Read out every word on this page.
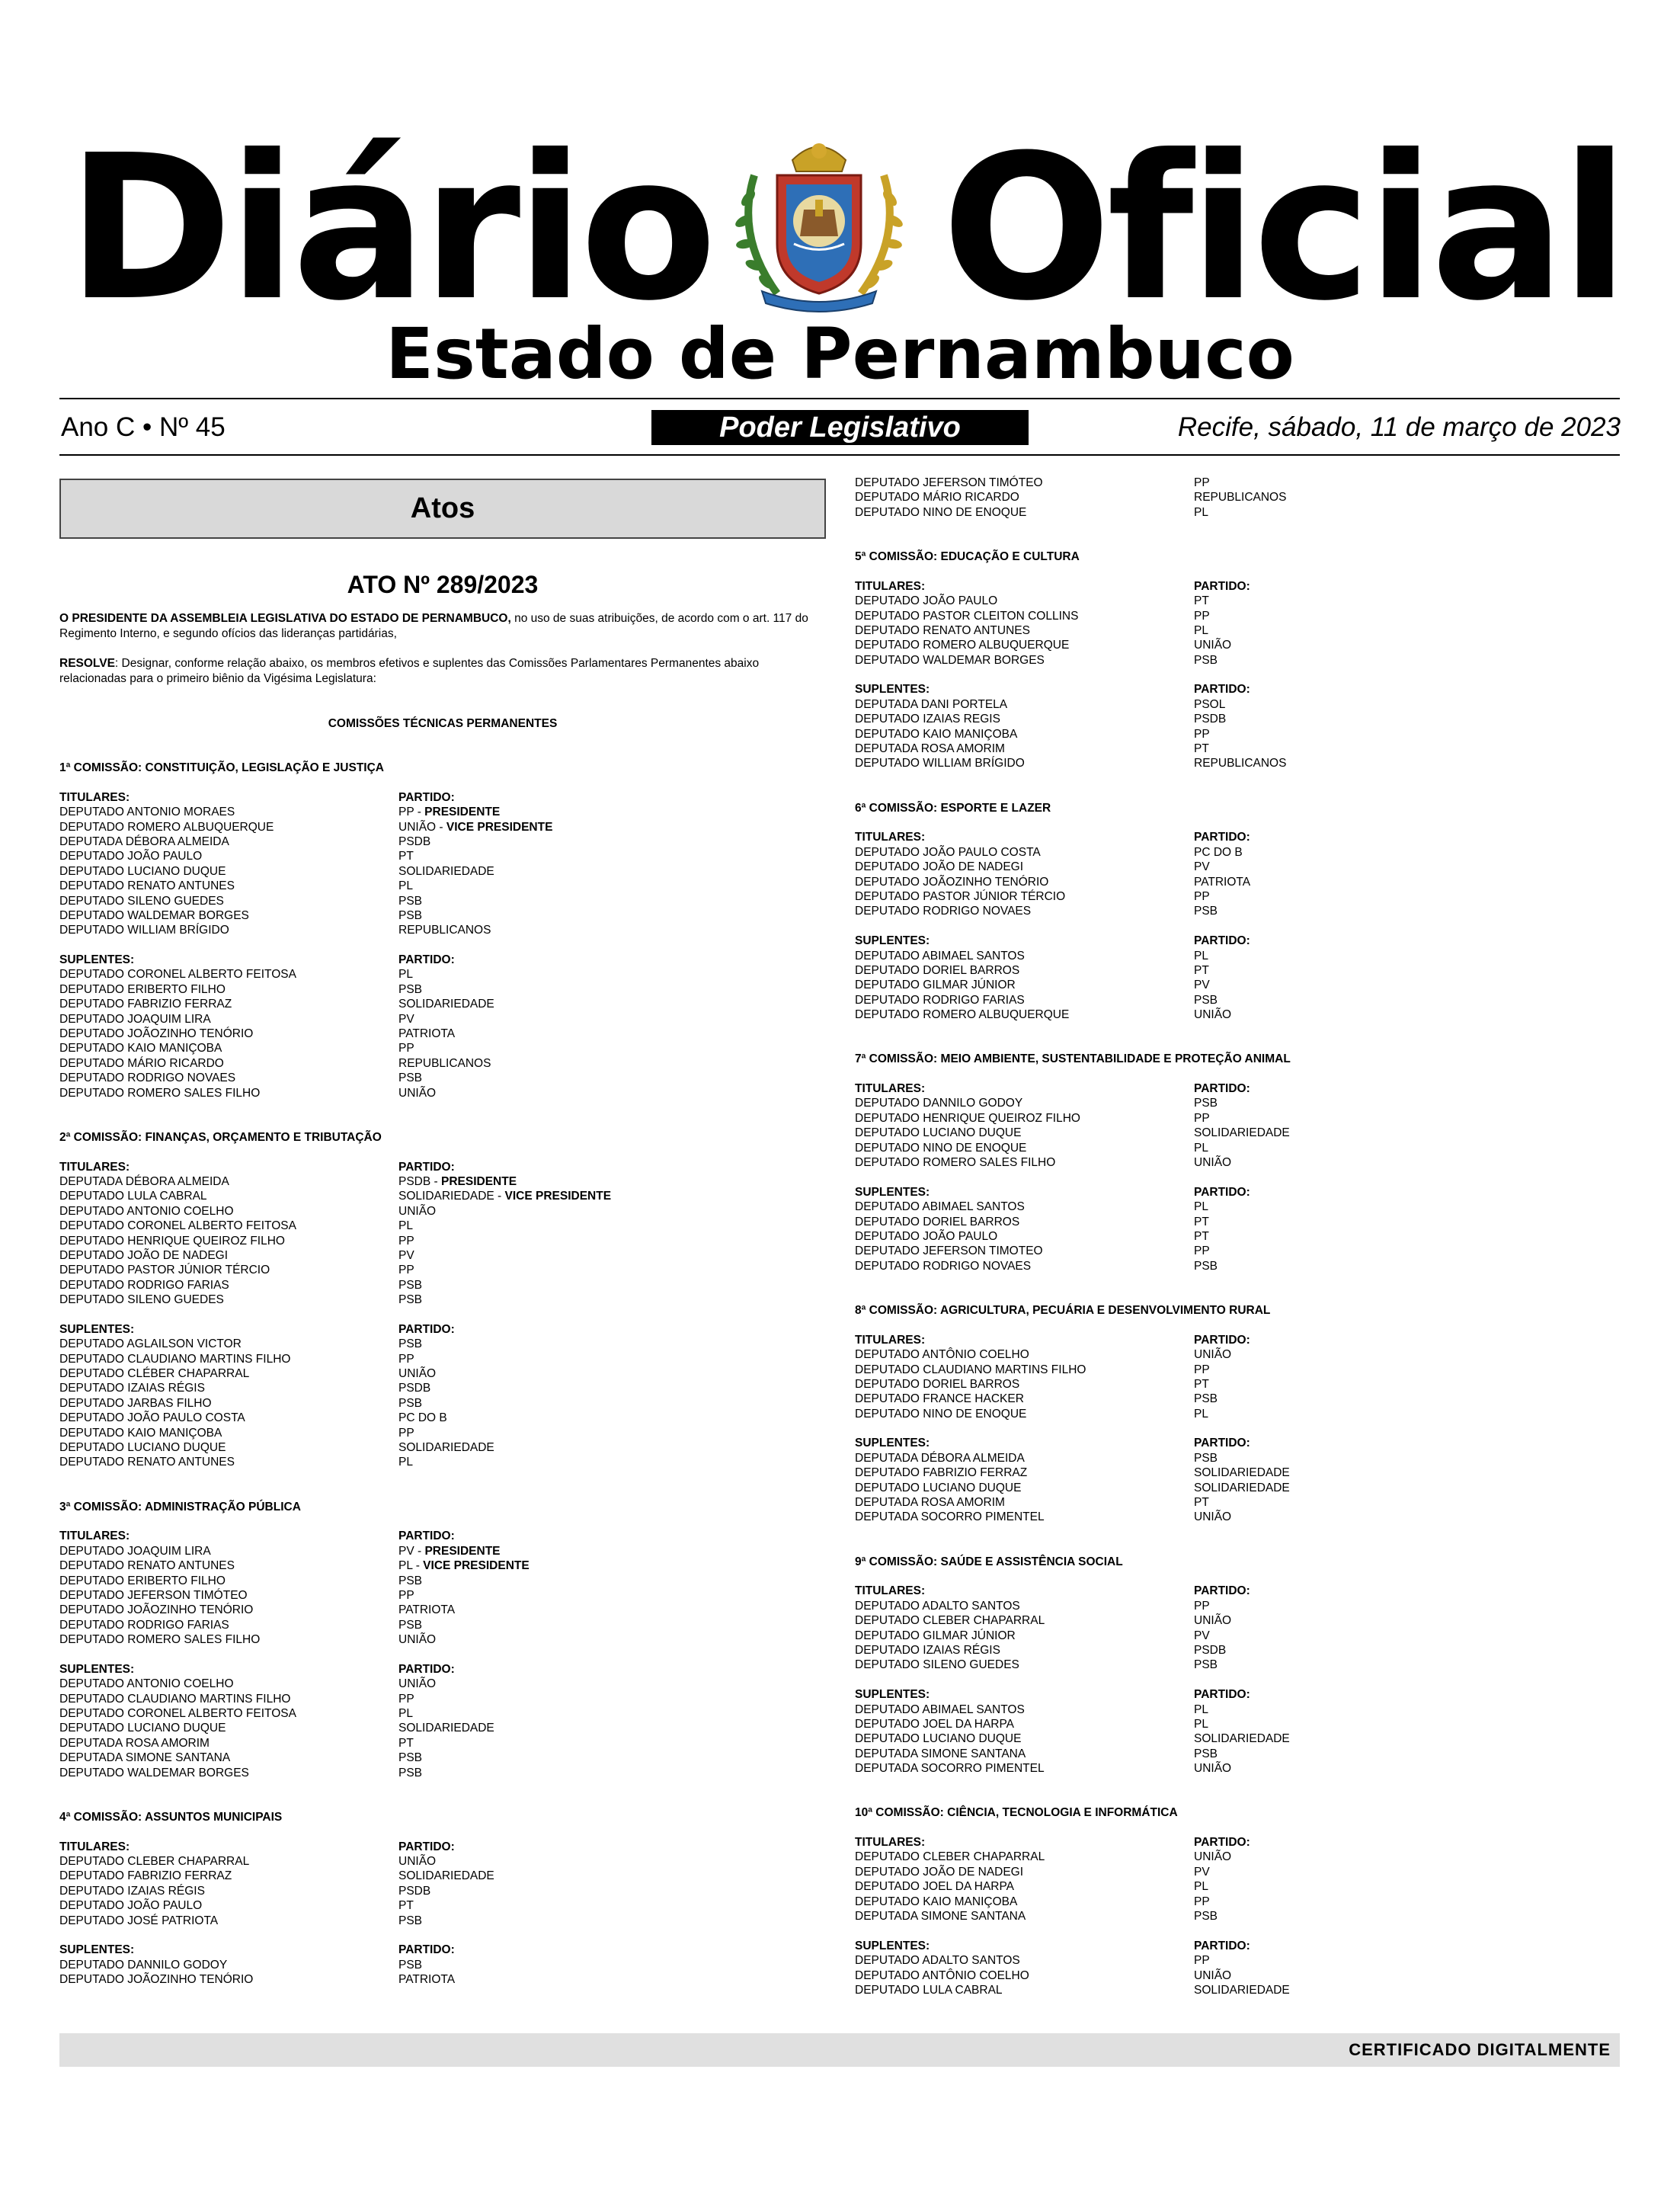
Diário Oficial
Estado de Pernambuco
Ano C • Nº 45	Poder Legislativo	Recife, sábado, 11 de março de 2023
Atos
ATO Nº 289/2023
O PRESIDENTE DA ASSEMBLEIA LEGISLATIVA DO ESTADO DE PERNAMBUCO, no uso de suas atribuições, de acordo com o art. 117 do Regimento Interno, e segundo ofícios das lideranças partidárias,
RESOLVE: Designar, conforme relação abaixo, os membros efetivos e suplentes das Comissões Parlamentares Permanentes abaixo relacionadas para o primeiro biênio da Vigésima Legislatura:
COMISSÕES TÉCNICAS PERMANENTES
1ª COMISSÃO: CONSTITUIÇÃO, LEGISLAÇÃO E JUSTIÇA
TITULARES:	PARTIDO:
DEPUTADO ANTONIO MORAES	PP - PRESIDENTE
DEPUTADO ROMERO ALBUQUERQUE	UNIÃO - VICE PRESIDENTE
DEPUTADA DÉBORA ALMEIDA	PSDB
DEPUTADO JOÃO PAULO	PT
DEPUTADO LUCIANO DUQUE	SOLIDARIEDADE
DEPUTADO RENATO ANTUNES	PL
DEPUTADO SILENO GUEDES	PSB
DEPUTADO WALDEMAR BORGES	PSB
DEPUTADO WILLIAM BRÍGIDO	REPUBLICANOS
SUPLENTES:	PARTIDO:
DEPUTADO CORONEL ALBERTO FEITOSA	PL
DEPUTADO ERIBERTO FILHO	PSB
DEPUTADO FABRIZIO FERRAZ	SOLIDARIEDADE
DEPUTADO JOAQUIM LIRA	PV
DEPUTADO JOÃOZINHO TENÓRIO	PATRIOTA
DEPUTADO KAIO MANIÇOBA	PP
DEPUTADO MÁRIO RICARDO	REPUBLICANOS
DEPUTADO RODRIGO NOVAES	PSB
DEPUTADO ROMERO SALES FILHO	UNIÃO
2ª COMISSÃO: FINANÇAS, ORÇAMENTO E TRIBUTAÇÃO
TITULARES:	PARTIDO:
DEPUTADA DÉBORA ALMEIDA	PSDB - PRESIDENTE
DEPUTADO LULA CABRAL	SOLIDARIEDADE - VICE PRESIDENTE
DEPUTADO ANTONIO COELHO	UNIÃO
DEPUTADO CORONEL ALBERTO FEITOSA	PL
DEPUTADO HENRIQUE QUEIROZ FILHO	PP
DEPUTADO JOÃO DE NADEGI	PV
DEPUTADO PASTOR JÚNIOR TÉRCIO	PP
DEPUTADO RODRIGO FARIAS	PSB
DEPUTADO SILENO GUEDES	PSB
SUPLENTES:	PARTIDO:
DEPUTADO AGLAILSON VICTOR	PSB
DEPUTADO CLAUDIANO MARTINS FILHO	PP
DEPUTADO CLÉBER CHAPARRAL	UNIÃO
DEPUTADO IZAIAS RÉGIS	PSDB
DEPUTADO JARBAS FILHO	PSB
DEPUTADO JOÃO PAULO COSTA	PC DO B
DEPUTADO KAIO MANIÇOBA	PP
DEPUTADO LUCIANO DUQUE	SOLIDARIEDADE
DEPUTADO RENATO ANTUNES	PL
3ª COMISSÃO: ADMINISTRAÇÃO PÚBLICA
TITULARES:	PARTIDO:
DEPUTADO JOAQUIM LIRA	PV - PRESIDENTE
DEPUTADO RENATO ANTUNES	PL - VICE PRESIDENTE
DEPUTADO ERIBERTO FILHO	PSB
DEPUTADO JEFERSON TIMÓTEO	PP
DEPUTADO JOÃOZINHO TENÓRIO	PATRIOTA
DEPUTADO RODRIGO FARIAS	PSB
DEPUTADO ROMERO SALES FILHO	UNIÃO
SUPLENTES:	PARTIDO:
DEPUTADO ANTONIO COELHO	UNIÃO
DEPUTADO CLAUDIANO MARTINS FILHO	PP
DEPUTADO CORONEL ALBERTO FEITOSA	PL
DEPUTADO LUCIANO DUQUE	SOLIDARIEDADE
DEPUTADA ROSA AMORIM	PT
DEPUTADA SIMONE SANTANA	PSB
DEPUTADO WALDEMAR BORGES	PSB
4ª COMISSÃO: ASSUNTOS MUNICIPAIS
TITULARES:	PARTIDO:
DEPUTADO CLEBER CHAPARRAL	UNIÃO
DEPUTADO FABRIZIO FERRAZ	SOLIDARIEDADE
DEPUTADO IZAIAS RÉGIS	PSDB
DEPUTADO JOÃO PAULO	PT
DEPUTADO JOSÉ PATRIOTA	PSB
SUPLENTES:	PARTIDO:
DEPUTADO DANNILO GODOY	PSB
DEPUTADO JOÃOZINHO TENÓRIO	PATRIOTA
DEPUTADO JEFERSON TIMÓTEO	PP
DEPUTADO MÁRIO RICARDO	REPUBLICANOS
DEPUTADO NINO DE ENOQUE	PL
5ª COMISSÃO: EDUCAÇÃO E CULTURA
TITULARES:	PARTIDO:
DEPUTADO JOÃO PAULO	PT
DEPUTADO PASTOR CLEITON COLLINS	PP
DEPUTADO RENATO ANTUNES	PL
DEPUTADO ROMERO ALBUQUERQUE	UNIÃO
DEPUTADO WALDEMAR BORGES	PSB
SUPLENTES:	PARTIDO:
DEPUTADA DANI PORTELA	PSOL
DEPUTADO IZAIAS REGIS	PSDB
DEPUTADO KAIO MANIÇOBA	PP
DEPUTADA ROSA AMORIM	PT
DEPUTADO WILLIAM BRÍGIDO	REPUBLICANOS
6ª COMISSÃO: ESPORTE E LAZER
TITULARES:	PARTIDO:
DEPUTADO JOÃO PAULO COSTA	PC DO B
DEPUTADO JOÃO DE NADEGI	PV
DEPUTADO JOÃOZINHO TENÓRIO	PATRIOTA
DEPUTADO PASTOR JÚNIOR TÉRCIO	PP
DEPUTADO RODRIGO NOVAES	PSB
SUPLENTES:	PARTIDO:
DEPUTADO ABIMAEL SANTOS	PL
DEPUTADO DORIEL BARROS	PT
DEPUTADO GILMAR JÚNIOR	PV
DEPUTADO RODRIGO FARIAS	PSB
DEPUTADO ROMERO ALBUQUERQUE	UNIÃO
7ª COMISSÃO: MEIO AMBIENTE, SUSTENTABILIDADE E PROTEÇÃO ANIMAL
TITULARES:	PARTIDO:
DEPUTADO DANNILO GODOY	PSB
DEPUTADO HENRIQUE QUEIROZ FILHO	PP
DEPUTADO LUCIANO DUQUE	SOLIDARIEDADE
DEPUTADO NINO DE ENOQUE	PL
DEPUTADO ROMERO SALES FILHO	UNIÃO
SUPLENTES:	PARTIDO:
DEPUTADO ABIMAEL SANTOS	PL
DEPUTADO DORIEL BARROS	PT
DEPUTADO JOÃO PAULO	PT
DEPUTADO JEFERSON TIMOTEO	PP
DEPUTADO RODRIGO NOVAES	PSB
8ª COMISSÃO: AGRICULTURA, PECUÁRIA E DESENVOLVIMENTO RURAL
TITULARES:	PARTIDO:
DEPUTADO ANTÔNIO COELHO	UNIÃO
DEPUTADO CLAUDIANO MARTINS FILHO	PP
DEPUTADO DORIEL BARROS	PT
DEPUTADO FRANCE HACKER	PSB
DEPUTADO NINO DE ENOQUE	PL
SUPLENTES:	PARTIDO:
DEPUTADA DÉBORA ALMEIDA	PSB
DEPUTADO FABRIZIO FERRAZ	SOLIDARIEDADE
DEPUTADO LUCIANO DUQUE	SOLIDARIEDADE
DEPUTADA ROSA AMORIM	PT
DEPUTADA SOCORRO PIMENTEL	UNIÃO
9ª COMISSÃO: SAÚDE E ASSISTÊNCIA SOCIAL
TITULARES:	PARTIDO:
DEPUTADO ADALTO SANTOS	PP
DEPUTADO CLEBER CHAPARRAL	UNIÃO
DEPUTADO GILMAR JÚNIOR	PV
DEPUTADO IZAIAS RÉGIS	PSDB
DEPUTADO SILENO GUEDES	PSB
SUPLENTES:	PARTIDO:
DEPUTADO ABIMAEL SANTOS	PL
DEPUTADO JOEL DA HARPA	PL
DEPUTADO LUCIANO DUQUE	SOLIDARIEDADE
DEPUTADA SIMONE SANTANA	PSB
DEPUTADA SOCORRO PIMENTEL	UNIÃO
10ª COMISSÃO: CIÊNCIA, TECNOLOGIA E INFORMÁTICA
TITULARES:	PARTIDO:
DEPUTADO CLEBER CHAPARRAL	UNIÃO
DEPUTADO JOÃO DE NADEGI	PV
DEPUTADO JOEL DA HARPA	PL
DEPUTADO KAIO MANIÇOBA	PP
DEPUTADA SIMONE SANTANA	PSB
SUPLENTES:	PARTIDO:
DEPUTADO ADALTO SANTOS	PP
DEPUTADO ANTÔNIO COELHO	UNIÃO
DEPUTADO LULA CABRAL	SOLIDARIEDADE
CERTIFICADO DIGITALMENTE
